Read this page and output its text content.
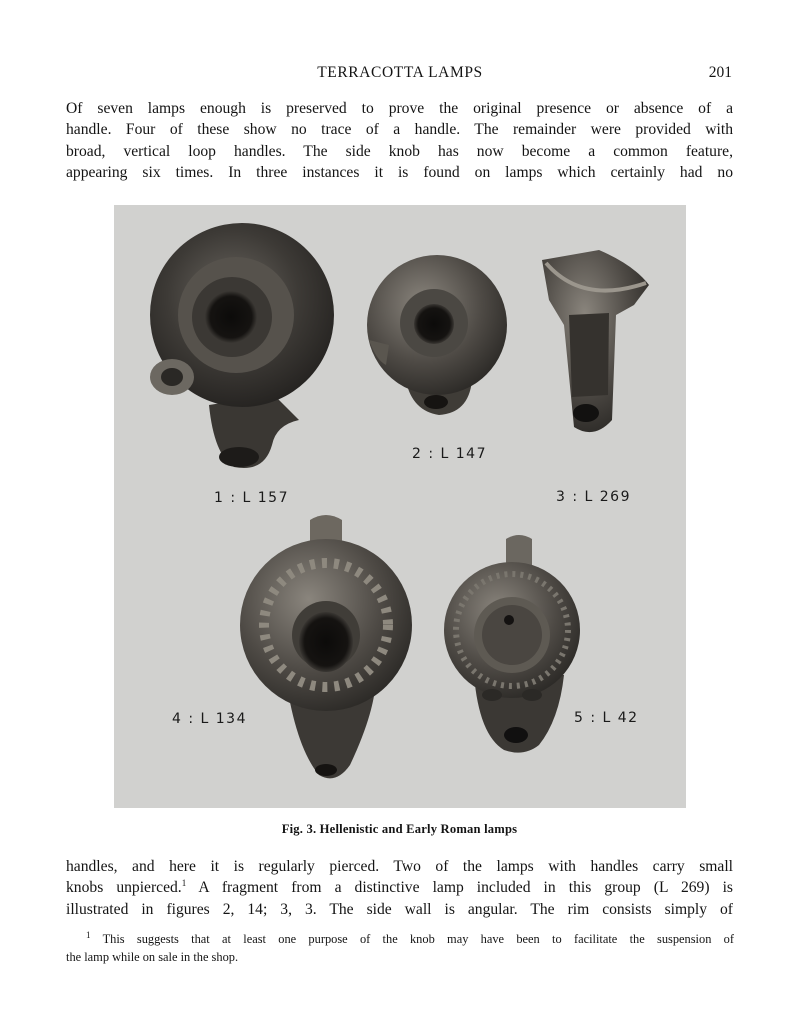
TERRACOTTA LAMPS	201

Of seven lamps enough is preserved to prove the original presence or absence of a
handle. Four of these show no trace of a handle. The remainder were provided with
broad, vertical loop handles. The side knob has now become a common feature,
appearing six times. In three instances it is found on lamps which certainly had no

1 : L 157
2 : L 147
3 : L 269
4 : L 134	5 : L 42
Fig. 3. Hellenistic and Early Roman lamps

handles, and here it is regularly pierced. Two of the lamps with handles carry small
knobs unpierced.$^1$ A fragment from a distinctive lamp included in this group (L 269) is
illustrated in figures 2, 14; 3, 3. The side wall is angular. The rim consists simply of

$^1$ This suggests that at least one purpose of the knob may have been to facilitate the suspension of
the lamp while on sale in the shop.
